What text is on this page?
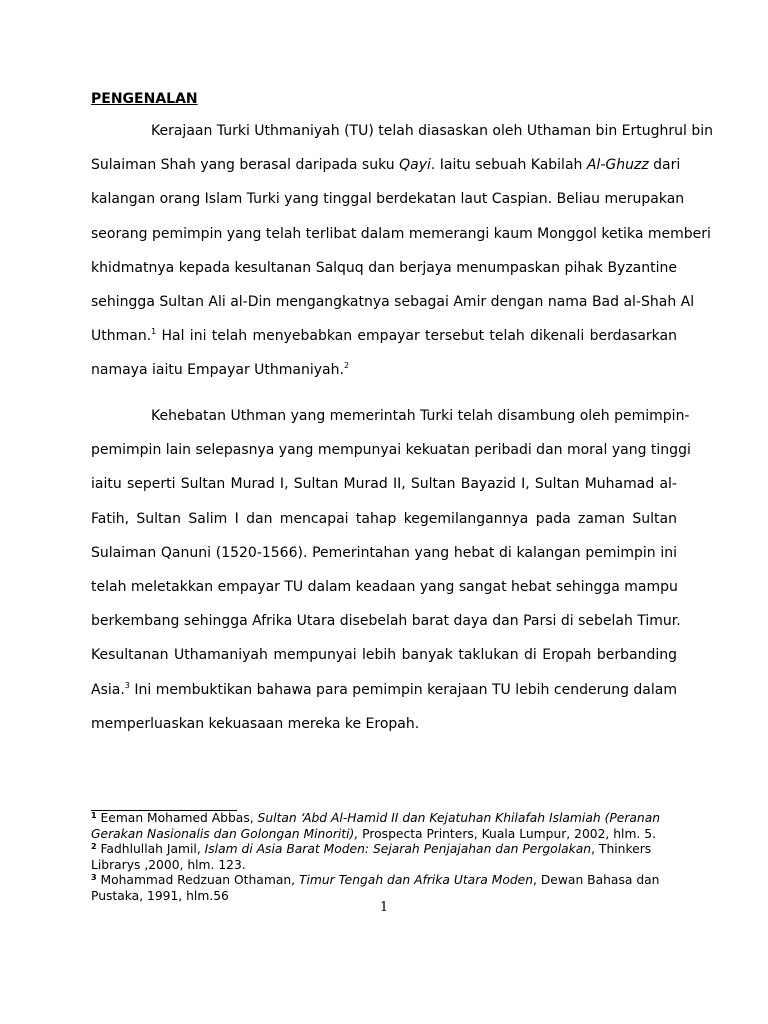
PENGENALAN
Kerajaan Turki Uthmaniyah (TU) telah diasaskan oleh Uthaman bin Ertughrul bin
Sulaiman Shah yang berasal daripada suku Qayi. Iaitu sebuah Kabilah Al-Ghuzz dari
kalangan orang Islam Turki yang tinggal berdekatan laut Caspian. Beliau merupakan
seorang pemimpin yang telah terlibat dalam memerangi kaum Monggol ketika memberi
khidmatnya kepada kesultanan Salquq dan berjaya menumpaskan pihak Byzantine
sehingga Sultan Ali al-Din mengangkatnya sebagai Amir dengan nama Bad al-Shah Al
Uthman.$^1$ Hal ini telah menyebabkan empayar tersebut telah dikenali berdasarkan
namaya iaitu Empayar Uthmaniyah.$^2$
Kehebatan Uthman yang memerintah Turki telah disambung oleh pemimpin-
pemimpin lain selepasnya yang mempunyai kekuatan peribadi dan moral yang tinggi
iaitu seperti Sultan Murad I, Sultan Murad II, Sultan Bayazid I, Sultan Muhamad al-
Fatih, Sultan Salim I dan mencapai tahap kegemilangannya pada zaman Sultan
Sulaiman Qanuni (1520-1566). Pemerintahan yang hebat di kalangan pemimpin ini
telah meletakkan empayar TU dalam keadaan yang sangat hebat sehingga mampu
berkembang sehingga Afrika Utara disebelah barat daya dan Parsi di sebelah Timur.
Kesultanan Uthamaniyah mempunyai lebih banyak taklukan di Eropah berbanding
Asia.$^3$ Ini membuktikan bahawa para pemimpin kerajaan TU lebih cenderung dalam
memperluaskan kekuasaan mereka ke Eropah.
$^1$ Eeman Mohamed Abbas, Sultan ‘Abd Al-Hamid II dan Kejatuhan Khilafah Islamiah (Peranan
Gerakan Nasionalis dan Golongan Minoriti), Prospecta Printers, Kuala Lumpur, 2002, hlm. 5.
$^2$ Fadhlullah Jamil, Islam di Asia Barat Moden: Sejarah Penjajahan dan Pergolakan, Thinkers
Librarys ,2000, hlm. 123.
$^3$ Mohammad Redzuan Othaman, Timur Tengah dan Afrika Utara Moden, Dewan Bahasa dan
Pustaka, 1991, hlm.56
1
